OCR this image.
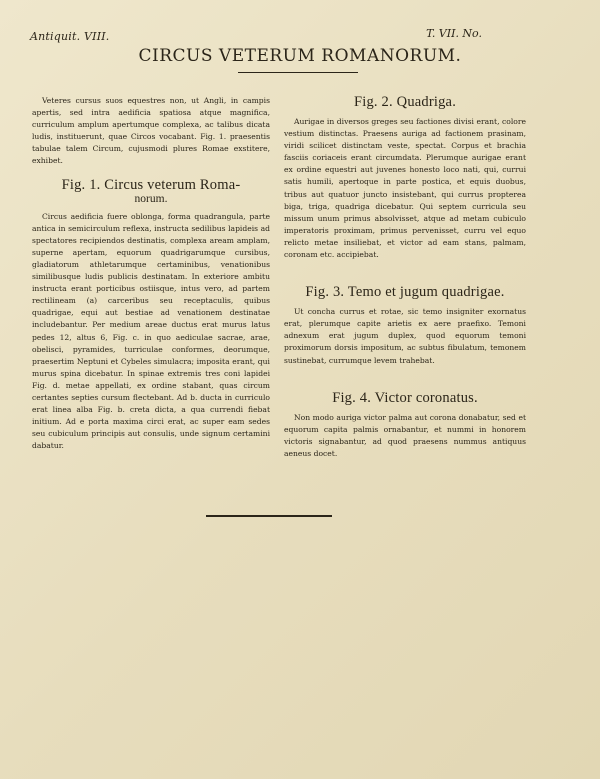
Antiquit. VIII.	T. VII. No.
CIRCUS VETERUM ROMANORUM.

Veteres cursus suos equestres non, ut Angli, in campis apertis, sed intra aedificia spatiosa atque magnifica, curriculum amplum apertumque complexa, ac talibus dicata ludis, instituerunt, quae Circos vocabant. Fig. 1. praesentis tabulae talem Circum, cujusmodi plures Romae exstitere, exhibet.

Fig. 1. Circus veterum Roma-
norum.

Circus aedificia fuere oblonga, forma quadrangula, parte antica in semicirculum reflexa, instructa sedilibus lapideis ad spectatores recipiendos destinatis, complexa aream amplam, superne apertam, equorum quadrigarumque cursibus, gladiatorum athletarumque certaminibus, venationibus similibusque ludis publicis destinatam. In exteriore ambitu instructa erant porticibus ostiisque, intus vero, ad partem rectilineam (a) carceribus seu receptaculis, quibus quadrigae, equi aut bestiae ad venationem destinatae includebantur. Per medium areae ductus erat murus latus pedes 12, altus 6, Fig. c. in quo aediculae sacrae, arae, obelisci, pyramides, turriculae conformes, deorumque, praesertim Neptuni et Cybeles simulacra; imposita erant, qui murus spina dicebatur. In spinae extremis tres coni lapidei Fig. d. metae appellati, ex ordine stabant, quas circum certantes septies cursum flectebant. Ad b. ducta in curriculo erat linea alba Fig. b. creta dicta, a qua currendi fiebat initium. Ad e porta maxima circi erat, ac super eam sedes seu cubiculum principis aut consulis, unde signum certamini dabatur.

Fig. 2. Quadriga.

Aurigae in diversos greges seu factiones divisi erant, colore vestium distinctas. Praesens auriga ad factionem prasinam, viridi scilicet distinctam veste, spectat. Corpus et brachia fasciis coriaceis erant circumdata. Plerumque aurigae erant ex ordine equestri aut juvenes honesto loco nati, qui, currui satis humili, apertoque in parte postica, et equis duobus, tribus aut quatuor juncto insistebant, qui currus propterea biga, triga, quadriga dicebatur. Qui septem curricula seu missum unum primus absolvisset, atque ad metam cubiculo imperatoris proximam, primus pervenisset, curru vel equo relicto metae insiliebat, et victor ad eam stans, palmam, coronam etc. accipiebat.

Fig. 3. Temo et jugum quadrigae.

Ut concha currus et rotae, sic temo insigniter exornatus erat, plerumque capite arietis ex aere praefixo. Temoni adnexum erat jugum duplex, quod equorum temoni proximorum dorsis impositum, ac subtus fibulatum, temonem sustinebat, currumque levem trahebat.

Fig. 4. Victor coronatus.

Non modo auriga victor palma aut corona donabatur, sed et equorum capita palmis ornabantur, et nummi in honorem victoris signabantur, ad quod praesens nummus antiquus aeneus docet.
